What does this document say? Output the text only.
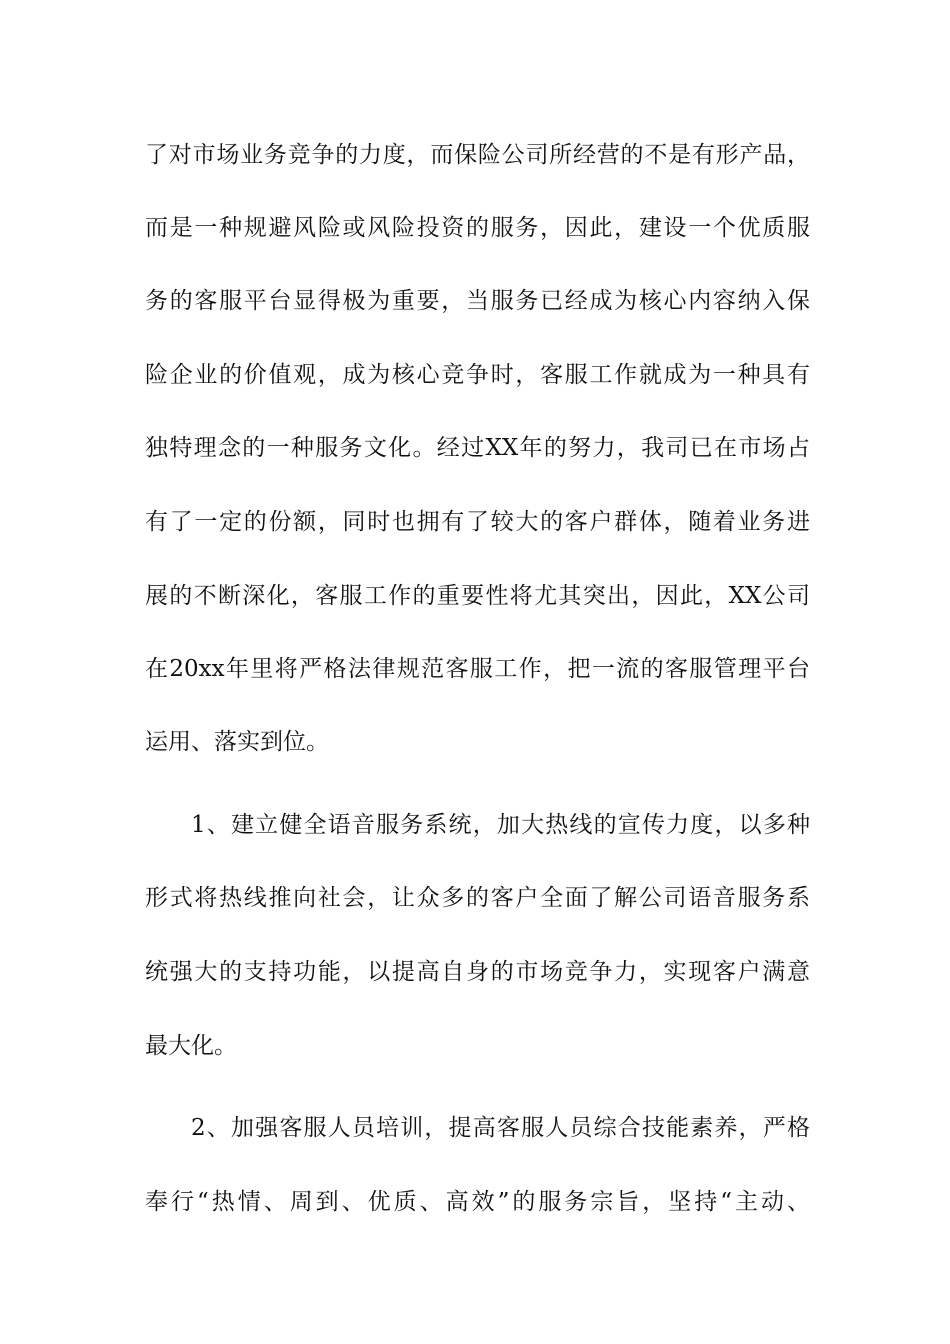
了对市场业务竞争的力度，而保险公司所经营的不是有形产品，
而是一种规避风险或风险投资的服务，因此，建设一个优质服
务的客服平台显得极为重要，当服务已经成为核心内容纳入保
险企业的价值观，成为核心竞争时，客服工作就成为一种具有
独特理念的一种服务文化。经过XX年的努力，我司已在市场占
有了一定的份额，同时也拥有了较大的客户群体，随着业务进
展的不断深化，客服工作的重要性将尤其突出，因此，XX公司
在20xx年里将严格法律规范客服工作，把一流的客服管理平台
运用、落实到位。
1、建立健全语音服务系统，加大热线的宣传力度，以多种
形式将热线推向社会，让众多的客户全面了解公司语音服务系
统强大的支持功能，以提高自身的市场竞争力，实现客户满意
最大化。
2、加强客服人员培训，提高客服人员综合技能素养，严格
奉行“热情、周到、优质、高效”的服务宗旨，坚持“主动、
